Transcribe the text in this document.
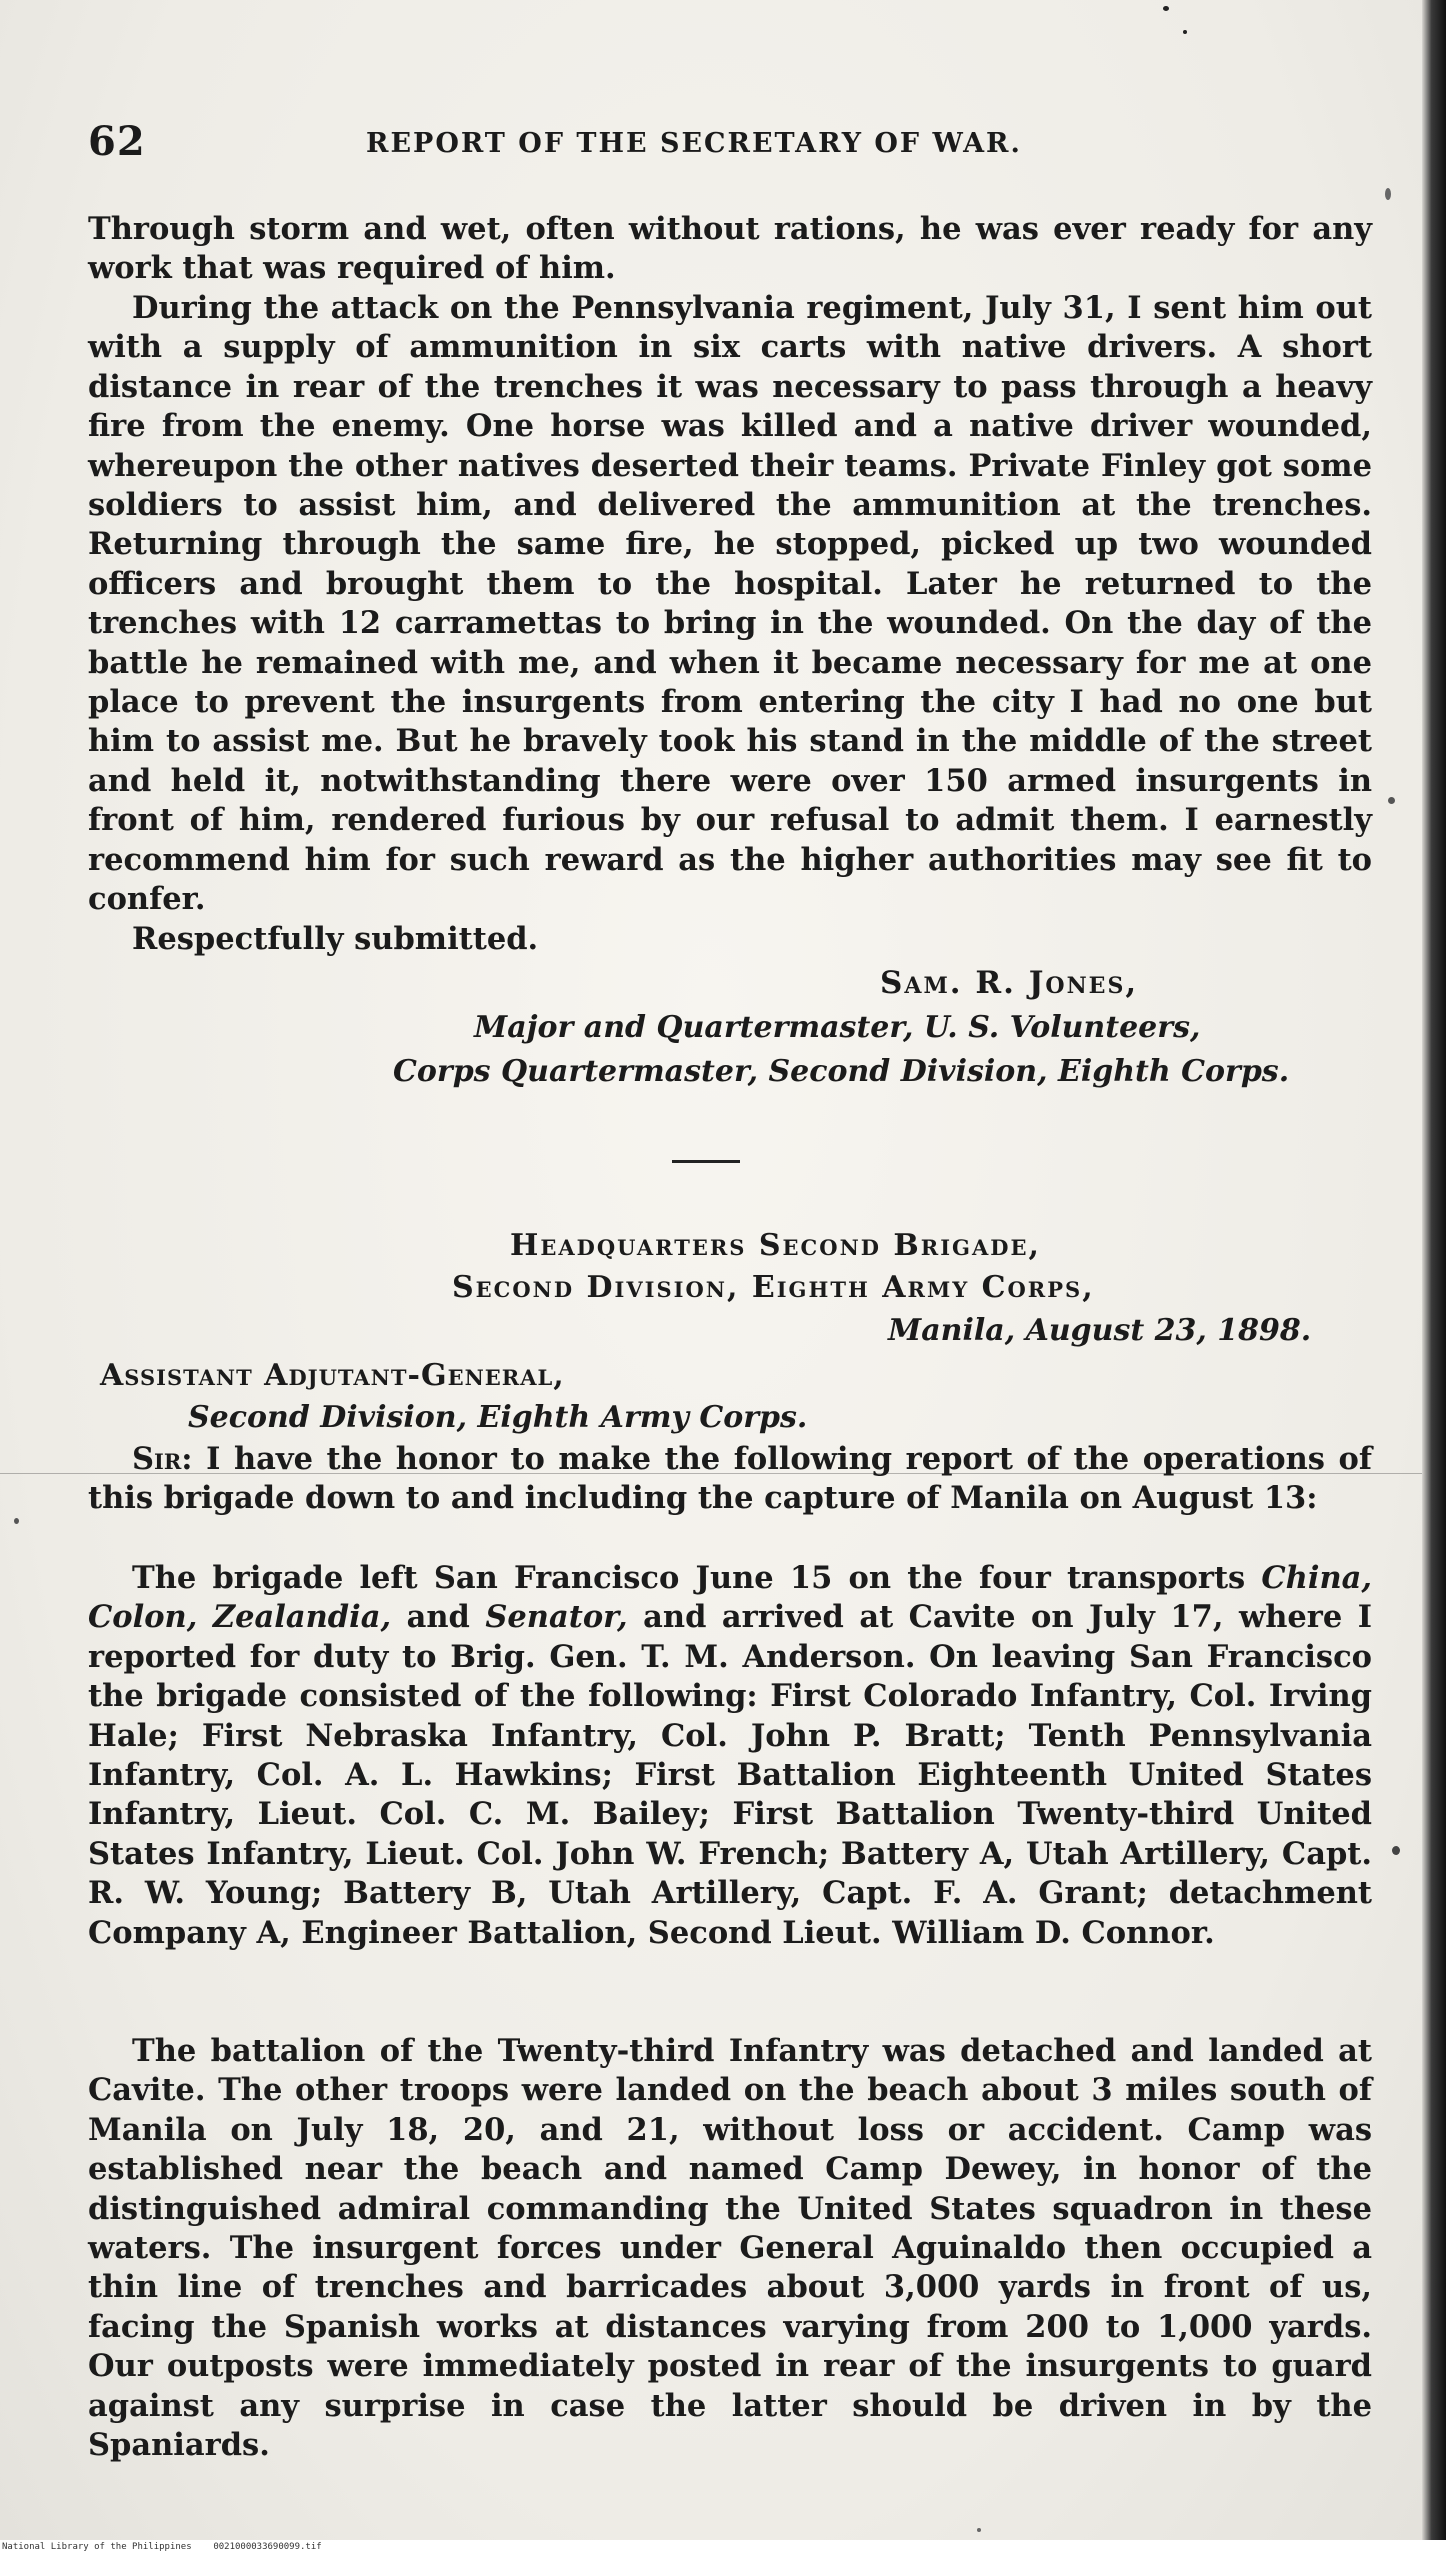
National Library of the Philippines    0021000033690099.tif
62	REPORT OF THE SECRETARY OF WAR.

Through storm and wet, often without rations, he was ever ready for any work that was required of him.

During the attack on the Pennsylvania regiment, July 31, I sent him out with a supply of ammunition in six carts with native drivers. A short distance in rear of the trenches it was necessary to pass through a heavy fire from the enemy. One horse was killed and a native driver wounded, whereupon the other natives deserted their teams. Private Finley got some soldiers to assist him, and delivered the ammunition at the trenches. Returning through the same fire, he stopped, picked up two wounded officers and brought them to the hospital. Later he returned to the trenches with 12 carramettas to bring in the wounded. On the day of the battle he remained with me, and when it became necessary for me at one place to prevent the insurgents from entering the city I had no one but him to assist me. But he bravely took his stand in the middle of the street and held it, notwithstanding there were over 150 armed insurgents in front of him, rendered furious by our refusal to admit them. I earnestly recommend him for such reward as the higher authorities may see fit to confer.

Respectfully submitted.

Sam. R. Jones,
Major and Quartermaster, U. S. Volunteers,
Corps Quartermaster, Second Division, Eighth Corps.
Headquarters Second Brigade,
Second Division, Eighth Army Corps,
Manila, August 23, 1898.
Assistant Adjutant-General,
Second Division, Eighth Army Corps.

Sir: I have the honor to make the following report of the operations of this brigade down to and including the capture of Manila on August 13:

The brigade left San Francisco June 15 on the four transports China, Colon, Zealandia, and Senator, and arrived at Cavite on July 17, where I reported for duty to Brig. Gen. T. M. Anderson. On leaving San Francisco the brigade consisted of the following: First Colorado Infantry, Col. Irving Hale; First Nebraska Infantry, Col. John P. Bratt; Tenth Pennsylvania Infantry, Col. A. L. Hawkins; First Battalion Eighteenth United States Infantry, Lieut. Col. C. M. Bailey; First Battalion Twenty-third United States Infantry, Lieut. Col. John W. French; Battery A, Utah Artillery, Capt. R. W. Young; Battery B, Utah Artillery, Capt. F. A. Grant; detachment Company A, Engineer Battalion, Second Lieut. William D. Connor.

The battalion of the Twenty-third Infantry was detached and landed at Cavite. The other troops were landed on the beach about 3 miles south of Manila on July 18, 20, and 21, without loss or accident. Camp was established near the beach and named Camp Dewey, in honor of the distinguished admiral commanding the United States squadron in these waters. The insurgent forces under General Aguinaldo then occupied a thin line of trenches and barricades about 3,000 yards in front of us, facing the Spanish works at distances varying from 200 to 1,000 yards. Our outposts were immediately posted in rear of the insurgents to guard against any surprise in case the latter should be driven in by the Spaniards.
